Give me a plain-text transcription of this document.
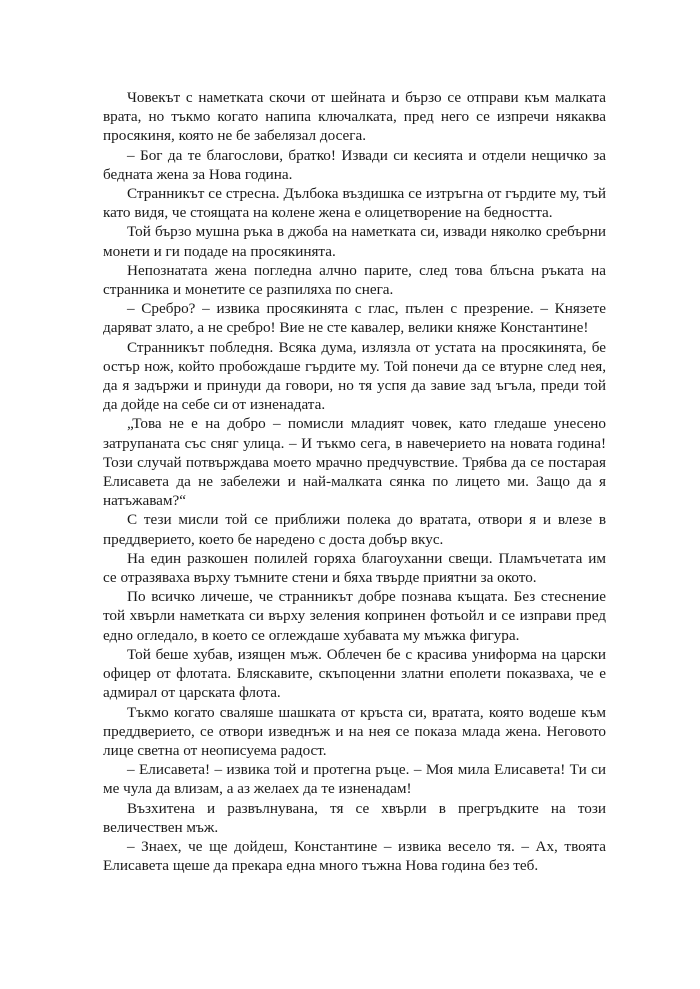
Човекът с наметката скочи от шейната и бързо се отправи към малката врата, но тъкмо когато напипа ключалката, пред него се изпречи някаква просякиня, която не бе забелязал досега.

– Бог да те благослови, братко! Извади си кесията и отдели нещичко за бедната жена за Нова година.

Странникът се стресна. Дълбока въздишка се изтръгна от гърдите му, тъй като видя, че стоящата на колене жена е олицетворение на бедността.

Той бързо мушна ръка в джоба на наметката си, извади няколко сребърни монети и ги подаде на просякинята.

Непознатата жена погледна алчно парите, след това блъсна ръката на странника и монетите се разпиляха по снега.

– Сребро? – извика просякинята с глас, пълен с презрение. – Князете даряват злато, а не сребро! Вие не сте кавалер, велики княже Константине!

Странникът побледня. Всяка дума, излязла от устата на просякинята, бе остър нож, който пробождаше гърдите му. Той понечи да се втурне след нея, да я задържи и принуди да говори, но тя успя да завие зад ъгъла, преди той да дойде на себе си от изненадата.

„Това не е на добро – помисли младият човек, като гледаше унесено затрупаната със сняг улица. – И тъкмо сега, в навечерието на новата година! Този случай потвърждава моето мрачно предчувствие. Трябва да се постарая Елисавета да не забележи и най-малката сянка по лицето ми. Защо да я натъжавам?“

С тези мисли той се приближи полека до вратата, отвори я и влезе в преддверието, което бе наредено с доста добър вкус.

На един разкошен полилей горяха благоуханни свещи. Пламъчетата им се отразяваха върху тъмните стени и бяха твърде приятни за окото.

По всичко личеше, че странникът добре познава къщата. Без стеснение той хвърли наметката си върху зеления копринен фотьойл и се изправи пред едно огледало, в което се оглеждаше хубавата му мъжка фигура.

Той беше хубав, изящен мъж. Облечен бе с красива униформа на царски офицер от флотата. Бляскавите, скъпоценни златни еполети показваха, че е адмирал от царската флота.

Тъкмо когато сваляше шашката от кръста си, вратата, която водеше към преддверието, се отвори изведнъж и на нея се показа млада жена. Неговото лице светна от неописуема радост.

– Елисавета! – извика той и протегна ръце. – Моя мила Елисавета! Ти си ме чула да влизам, а аз желаех да те изненадам!

Възхитена и развълнувана, тя се хвърли в прегръдките на този величествен мъж.

– Знаех, че ще дойдеш, Константине – извика весело тя. – Ах, твоята Елисавета щеше да прекара една много тъжна Нова година без теб.
